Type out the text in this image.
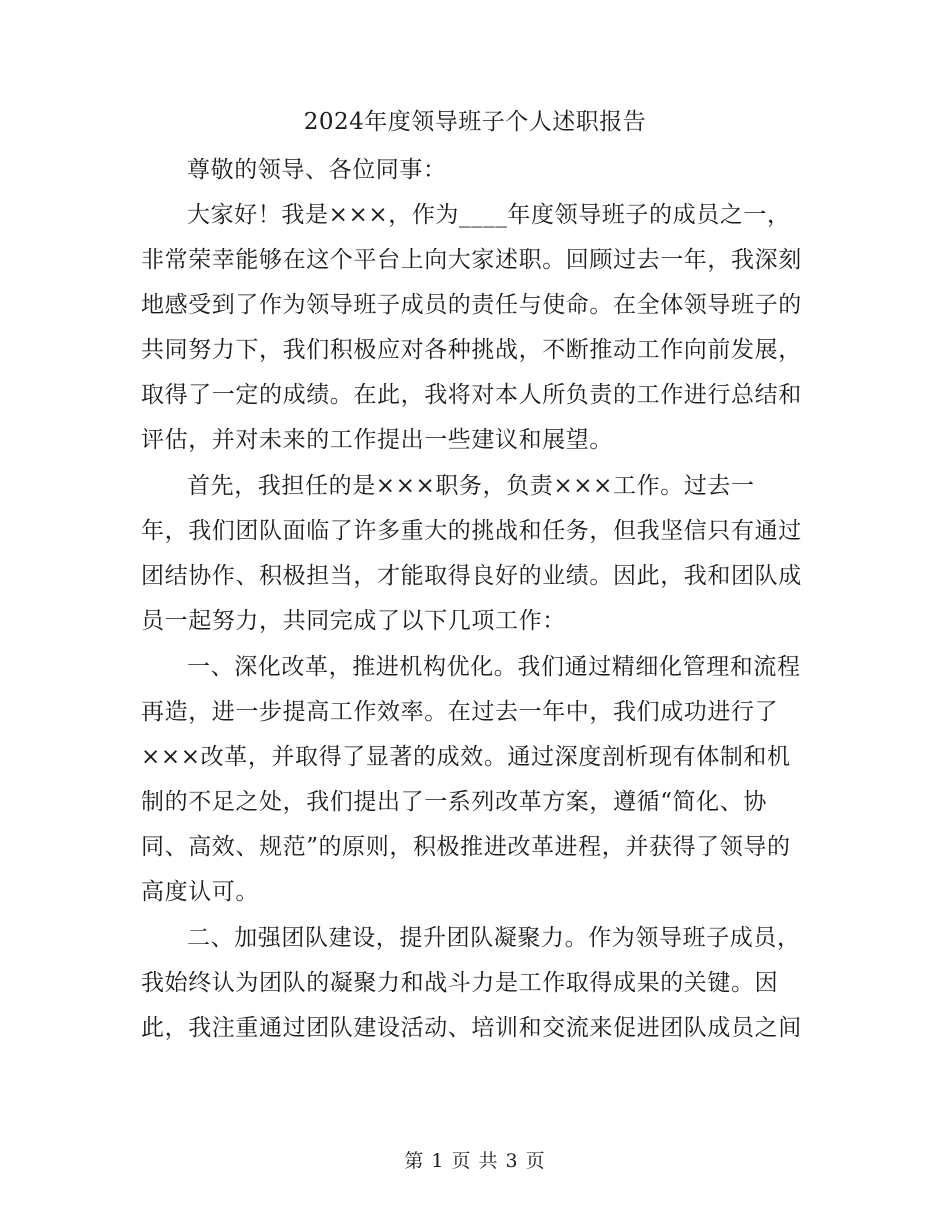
2024年度领导班子个人述职报告
尊敬的领导、各位同事：
大家好！我是×××，作为____年度领导班子的成员之一，
非常荣幸能够在这个平台上向大家述职。回顾过去一年，我深刻
地感受到了作为领导班子成员的责任与使命。在全体领导班子的
共同努力下，我们积极应对各种挑战，不断推动工作向前发展，
取得了一定的成绩。在此，我将对本人所负责的工作进行总结和
评估，并对未来的工作提出一些建议和展望。
首先，我担任的是×××职务，负责×××工作。过去一
年，我们团队面临了许多重大的挑战和任务，但我坚信只有通过
团结协作、积极担当，才能取得良好的业绩。因此，我和团队成
员一起努力，共同完成了以下几项工作：
一、深化改革，推进机构优化。我们通过精细化管理和流程
再造，进一步提高工作效率。在过去一年中，我们成功进行了
×××改革，并取得了显著的成效。通过深度剖析现有体制和机
制的不足之处，我们提出了一系列改革方案，遵循“简化、协
同、高效、规范”的原则，积极推进改革进程，并获得了领导的
高度认可。
二、加强团队建设，提升团队凝聚力。作为领导班子成员，
我始终认为团队的凝聚力和战斗力是工作取得成果的关键。因
此，我注重通过团队建设活动、培训和交流来促进团队成员之间
第 1 页 共 3 页
